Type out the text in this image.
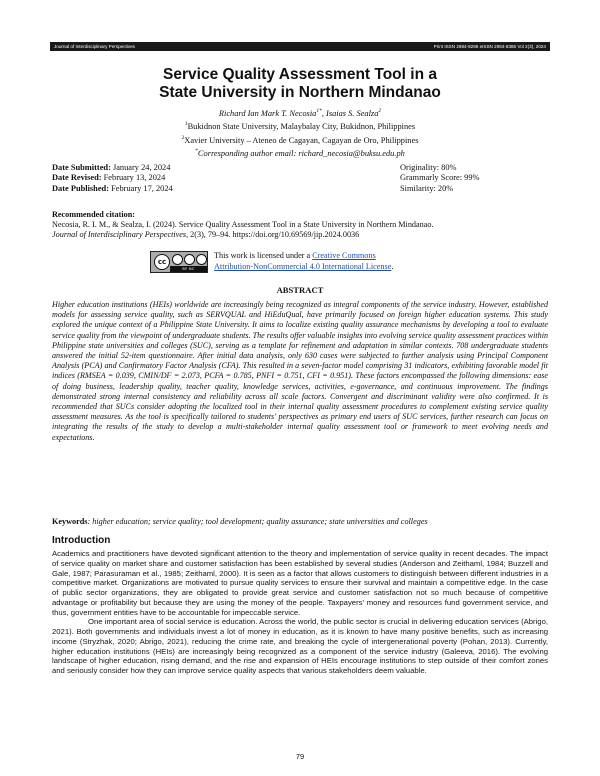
Journal of Interdisciplinary Perspectives	Print ISSN 2984-8288 eISSN 2984-8385 Vol 2(3), 2024
Service Quality Assessment Tool in a
State University in Northern Mindanao
Richard Ian Mark T. Necosia$^{1*}$, Isaias S. Sealza$^2$
$^1$Bukidnon State University, Malaybalay City, Bukidnon, Philippines
$^2$Xavier University – Ateneo de Cagayan, Cagayan de Oro, Philippines
*Corresponding author email: richard_necosia@buksu.edu.ph
Date Submitted: January 24, 2024
Date Revised: February 13, 2024
Date Published: February 17, 2024
Originality: 80%
Grammarly Score: 99%
Similarity: 20%
Recommended citation:
Necosia, R. I. M., & Sealza, I. (2024). Service Quality Assessment Tool in a State University in Northern Mindanao.
Journal of Interdisciplinary Perspectives, 2(3), 79–94. https://doi.org/10.69569/jip.2024.0036
cc
BY NC
This work is licensed under a Creative Commons
Attribution-NonCommercial 4.0 International License.
ABSTRACT
Higher education institutions (HEIs) worldwide are increasingly being recognized as integral components of the service industry. However, established models for assessing service quality, such as SERVQUAL and HiEduQual, have primarily focused on foreign higher education systems. This study explored the unique context of a Philippine State University. It aims to localize existing quality assurance mechanisms by developing a tool to evaluate service quality from the viewpoint of undergraduate students. The results offer valuable insights into evolving service quality assessment practices within Philippine state universities and colleges (SUC), serving as a template for refinement and adaptation in similar contexts. 708 undergraduate students answered the initial 52-item questionnaire. After initial data analysis, only 630 cases were subjected to further analysis using Principal Component Analysis (PCA) and Confirmatory Factor Analysis (CFA). This resulted in a seven-factor model comprising 31 indicators, exhibiting favorable model fit indices (RMSEA = 0.039, CMIN/DF = 2.073, PCFA = 0.785, PNFI = 0.751, CFI = 0.951). These factors encompassed the following dimensions: ease of doing business, leadership quality, teacher quality, knowledge services, activities, e-governance, and continuous improvement. The findings demonstrated strong internal consistency and reliability across all scale factors. Convergent and discriminant validity were also confirmed. It is recommended that SUCs consider adopting the localized tool in their internal quality assessment procedures to complement existing service quality assessment measures. As the tool is specifically tailored to students' perspectives as primary end users of SUC services, further research can focus on integrating the results of the study to develop a multi-stakeholder internal quality assessment tool or framework to meet evolving needs and expectations.
Keywords: higher education; service quality; tool development; quality assurance; state universities and colleges
Introduction

Academics and practitioners have devoted significant attention to the theory and implementation of service quality in recent decades. The impact of service quality on market share and customer satisfaction has been established by several studies (Anderson and Zeithaml, 1984; Buzzell and Gale, 1987; Parasuraman et al., 1985; Zeithaml, 2000). It is seen as a factor that allows customers to distinguish between different industries in a competitive market. Organizations are motivated to pursue quality services to ensure their survival and maintain a competitive edge. In the case of public sector organizations, they are obligated to provide great service and customer satisfaction not so much because of competitive advantage or profitability but because they are using the money of the people. Taxpayers' money and resources fund government service, and thus, government entities have to be accountable for impeccable service.

One important area of social service is education. Across the world, the public sector is crucial in delivering education services (Abrigo, 2021). Both governments and individuals invest a lot of money in education, as it is known to have many positive benefits, such as increasing income (Stryzhak, 2020; Abrigo, 2021), reducing the crime rate, and breaking the cycle of intergenerational poverty (Pohan, 2013). Currently, higher education institutions (HEIs) are increasingly being recognized as a component of the service industry (Galeeva, 2016). The evolving landscape of higher education, rising demand, and the rise and expansion of HEIs encourage institutions to step outside of their comfort zones and seriously consider how they can improve service quality aspects that various stakeholders deem valuable.

79
